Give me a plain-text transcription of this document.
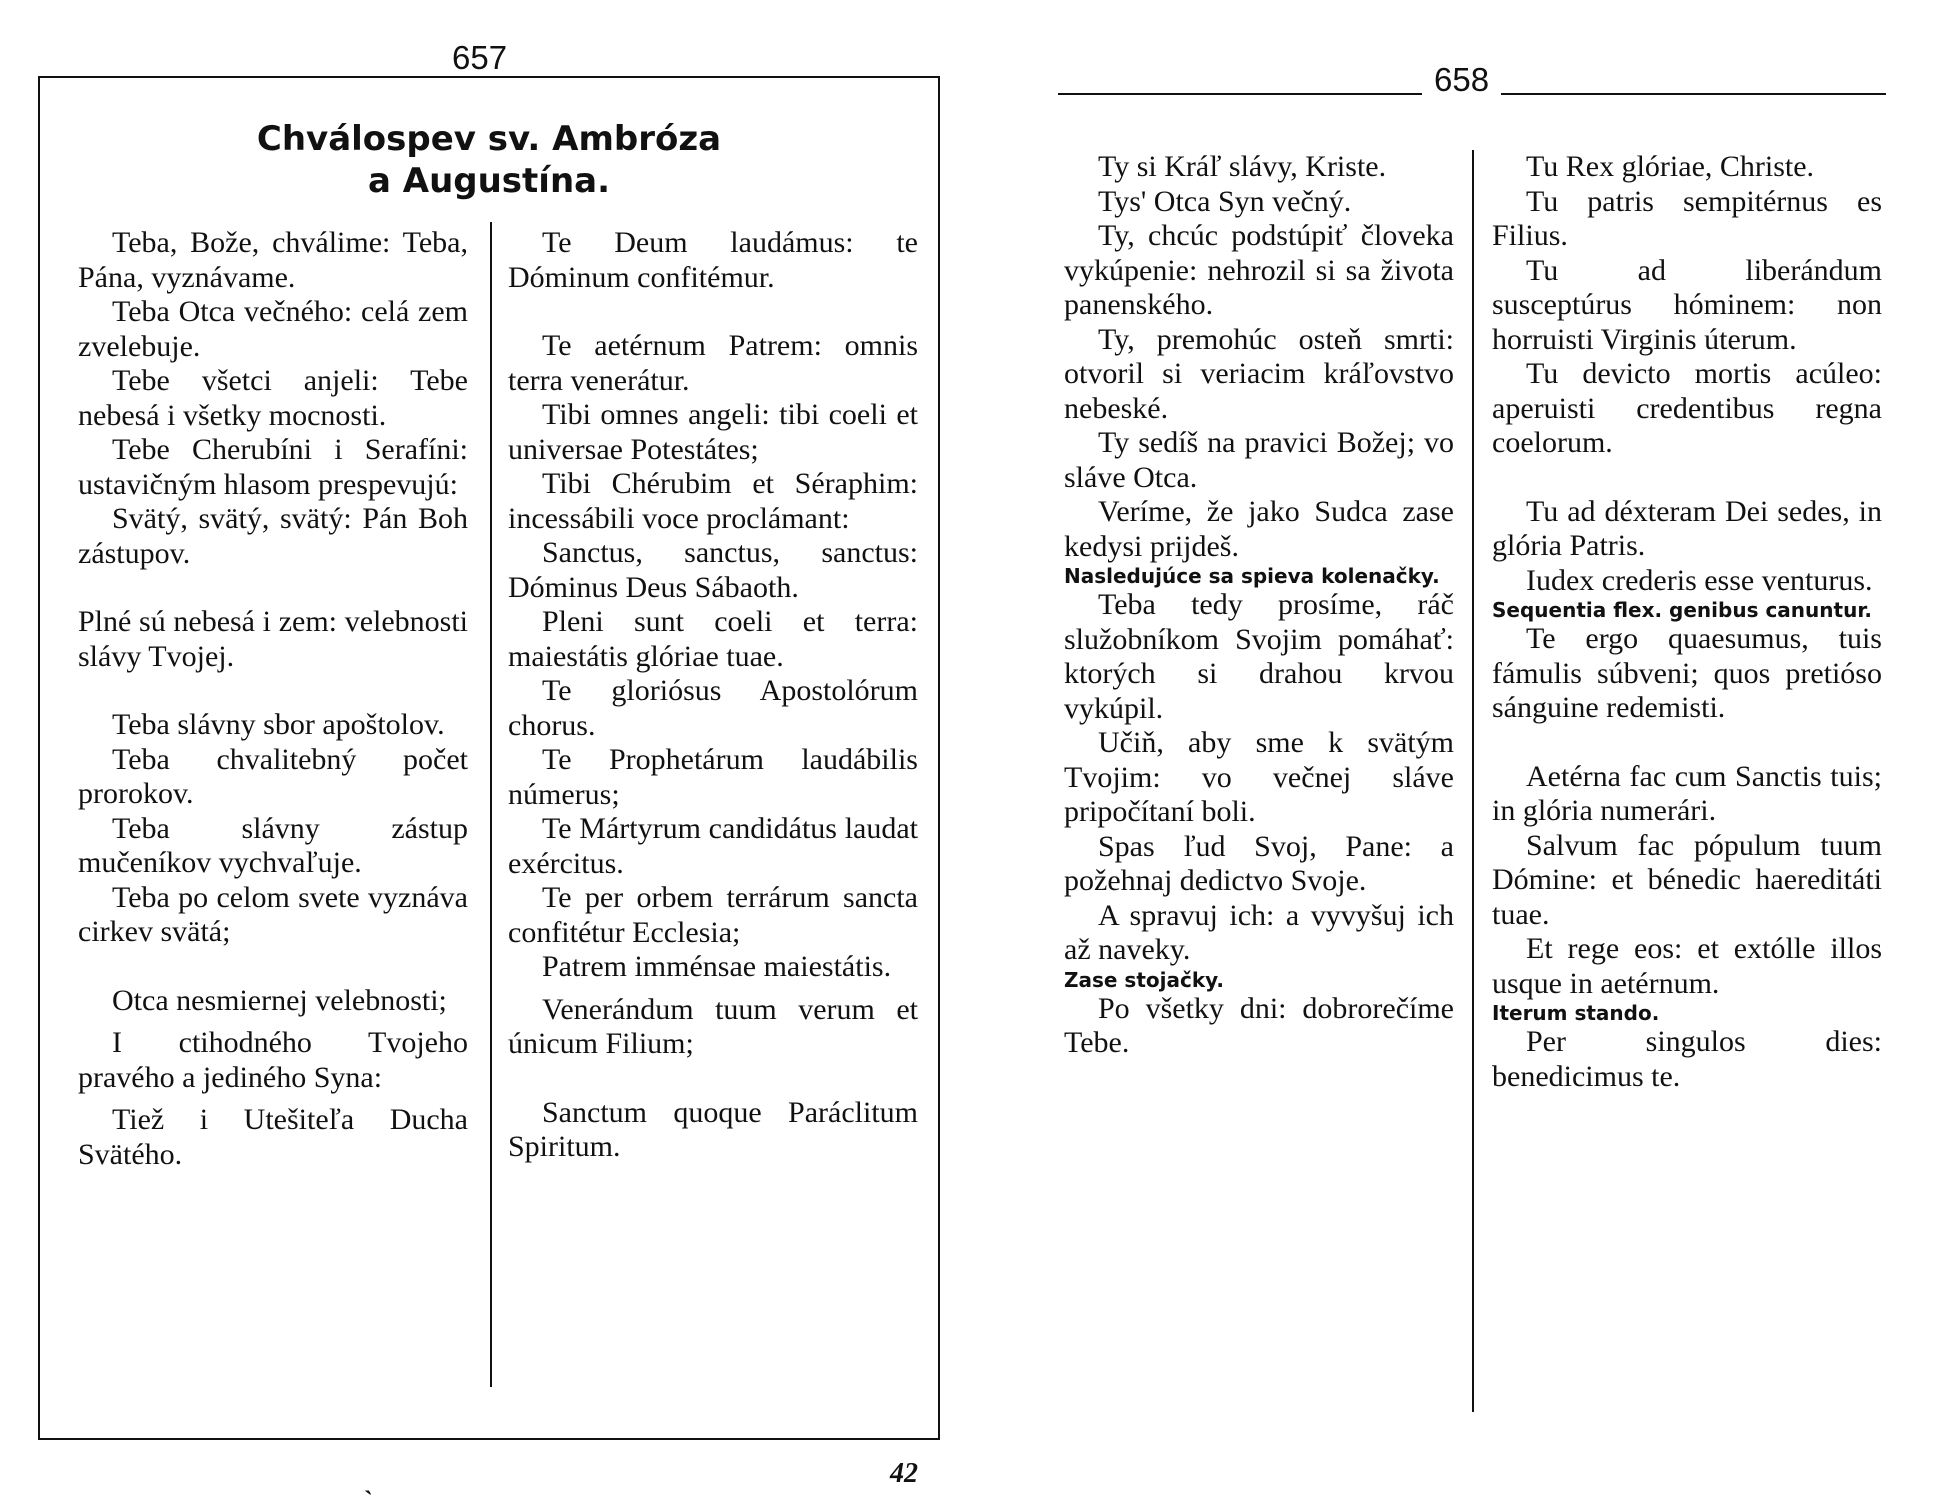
657
Chválospev sv. Ambróza
a Augustína.

Teba, Bože, chválime: Teba, Pána, vyznávame.

Teba Otca večného: celá zem zvelebuje.

Tebe všetci anjeli: Tebe nebesá i všetky mocnosti.

Tebe Cherubíni i Serafíni: ustavičným hlasom prespevujú:

Svätý, svätý, svätý: Pán Boh zástupov.

Plné sú nebesá i zem: velebnosti slávy Tvojej.

Teba slávny sbor apoštolov.

Teba chvalitebný počet prorokov.

Teba slávny zástup mučeníkov vychvaľuje.

Teba po celom svete vyznáva cirkev svätá;

Otca nesmiernej velebnosti;

I ctihodného Tvojeho pravého a jediného Syna:

Tiež i Utešiteľa Ducha Svätého.

Te Deum laudámus: te Dóminum confitémur.

Te aetérnum Patrem: omnis terra venerátur.

Tibi omnes angeli: tibi coeli et universae Potestátes;

Tibi Chérubim et Séraphim: incessábili voce proclámant:

Sanctus, sanctus, sanctus: Dóminus Deus Sábaoth.

Pleni sunt coeli et terra: maiestátis glóriae tuae.

Te gloriósus Apostolórum chorus.

Te Prophetárum laudábilis númerus;

Te Mártyrum candidátus laudat exércitus.

Te per orbem terrárum sancta confitétur Ecclesia;

Patrem imménsae maiestátis.

Venerándum tuum verum et únicum Filium;

Sanctum quoque Paráclitum Spiritum.

ˎ	42
658

Ty si Kráľ slávy, Kriste.

Tys' Otca Syn večný.

Ty, chcúc podstúpiť človeka vykúpenie: nehrozil si sa života panenského.

Ty, premohúc osteň smrti: otvoril si veriacim kráľovstvo nebeské.

Ty sedíš na pravici Božej; vo sláve Otca.

Veríme, že jako Sudca zase kedysi prijdeš.

Nasledujúce sa spieva kolenačky.

Teba tedy prosíme, ráč služobníkom Svojim pomáhať: ktorých si drahou krvou vykúpil.

Učiň, aby sme k svätým Tvojim: vo večnej sláve pripočítaní boli.

Spas ľud Svoj, Pane: a požehnaj dedictvo Svoje.

A spravuj ich: a vyvyšuj ich až naveky.

Zase stojačky.

Po všetky dni: dobrorečíme Tebe.

Tu Rex glóriae, Christe.

Tu patris sempitérnus es Filius.

Tu ad liberándum susceptúrus hóminem: non horruisti Virginis úterum.

Tu devicto mortis acúleo: aperuisti credentibus regna coelorum.

Tu ad déxteram Dei sedes, in glória Patris.

Iudex crederis esse venturus.

Sequentia flex. genibus canuntur.

Te ergo quaesumus, tuis fámulis súbveni; quos pretióso sánguine redemisti.

Aetérna fac cum Sanctis tuis; in glória numerári.

Salvum fac pópulum tuum Dómine: et bénedic haereditáti tuae.

Et rege eos: et extólle illos usque in aetérnum.

Iterum stando.

Per singulos dies: benedicimus te.
